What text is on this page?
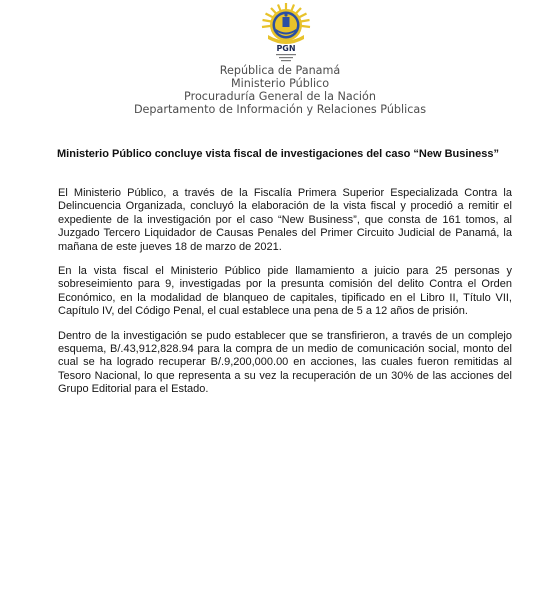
PGN
República de Panamá
Ministerio Público
Procuraduría General de la Nación
Departamento de Información y Relaciones Públicas
Ministerio Público concluye vista fiscal de investigaciones del caso “New Business”

El Ministerio Público, a través de la Fiscalía Primera Superior Especializada Contra la Delincuencia Organizada, concluyó la elaboración de la vista fiscal y procedió a remitir el expediente de la investigación por el caso “New Business”, que consta de 161 tomos, al Juzgado Tercero Liquidador de Causas Penales del Primer Circuito Judicial de Panamá, la mañana de este jueves 18 de marzo de 2021.

En la vista fiscal el Ministerio Público pide llamamiento a juicio para 25 personas y sobreseimiento para 9, investigadas por la presunta comisión del delito Contra el Orden Económico, en la modalidad de blanqueo de capitales, tipificado en el Libro II, Título VII, Capítulo IV, del Código Penal, el cual establece una pena de 5 a 12 años de prisión.

Dentro de la investigación se pudo establecer que se transfirieron, a través de un complejo esquema, B/.43,912,828.94 para la compra de un medio de comunicación social, monto del cual se ha logrado recuperar B/.9,200,000.00 en acciones, las cuales fueron remitidas al Tesoro Nacional, lo que representa a su vez la recuperación de un 30% de las acciones del Grupo Editorial para el Estado.
